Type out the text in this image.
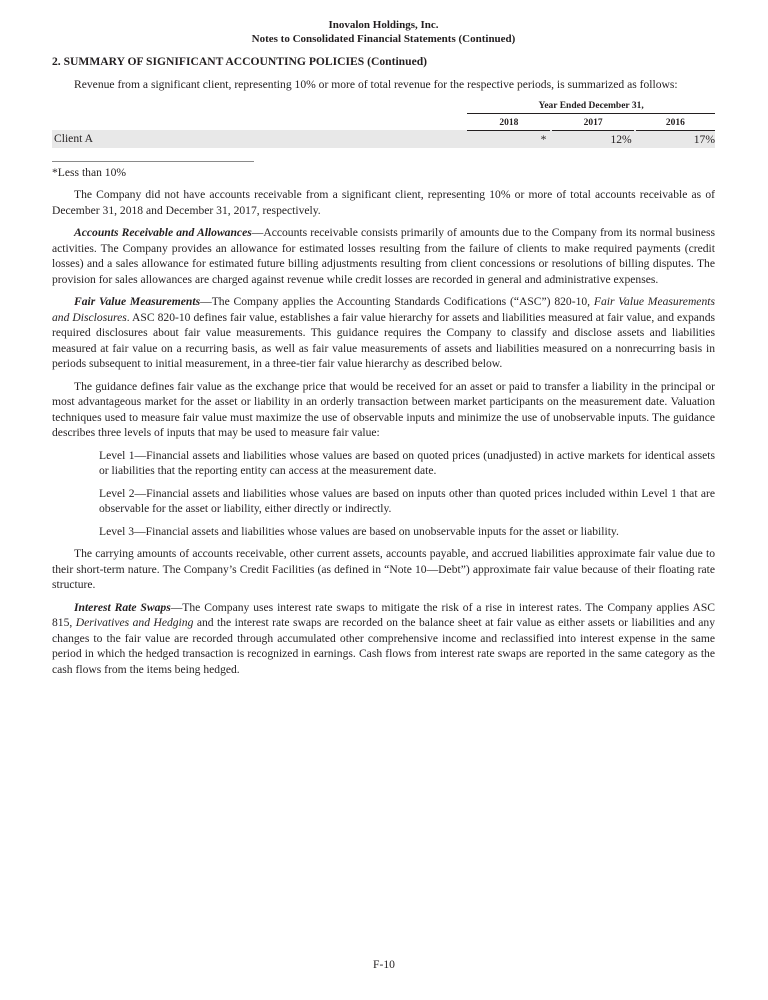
Inovalon Holdings, Inc.
Notes to Consolidated Financial Statements (Continued)
2. SUMMARY OF SIGNIFICANT ACCOUNTING POLICIES (Continued)

Revenue from a significant client, representing 10% or more of total revenue for the respective periods, is summarized as follows:

	Year Ended December 31,				

	2018		2017		2016
Client A	*		12%		17%
*Less than 10%

The Company did not have accounts receivable from a significant client, representing 10% or more of total accounts receivable as of December 31, 2018 and December 31, 2017, respectively.

Accounts Receivable and Allowances—Accounts receivable consists primarily of amounts due to the Company from its normal business activities. The Company provides an allowance for estimated losses resulting from the failure of clients to make required payments (credit losses) and a sales allowance for estimated future billing adjustments resulting from client concessions or resolutions of billing disputes. The provision for sales allowances are charged against revenue while credit losses are recorded in general and administrative expenses.

Fair Value Measurements—The Company applies the Accounting Standards Codifications (“ASC”) 820-10, Fair Value Measurements and Disclosures. ASC 820-10 defines fair value, establishes a fair value hierarchy for assets and liabilities measured at fair value, and expands required disclosures about fair value measurements. This guidance requires the Company to classify and disclose assets and liabilities measured at fair value on a recurring basis, as well as fair value measurements of assets and liabilities measured on a nonrecurring basis in periods subsequent to initial measurement, in a three-tier fair value hierarchy as described below.

The guidance defines fair value as the exchange price that would be received for an asset or paid to transfer a liability in the principal or most advantageous market for the asset or liability in an orderly transaction between market participants on the measurement date. Valuation techniques used to measure fair value must maximize the use of observable inputs and minimize the use of unobservable inputs. The guidance describes three levels of inputs that may be used to measure fair value:

Level 1—Financial assets and liabilities whose values are based on quoted prices (unadjusted) in active markets for identical assets or liabilities that the reporting entity can access at the measurement date.

Level 2—Financial assets and liabilities whose values are based on inputs other than quoted prices included within Level 1 that are observable for the asset or liability, either directly or indirectly.

Level 3—Financial assets and liabilities whose values are based on unobservable inputs for the asset or liability.

The carrying amounts of accounts receivable, other current assets, accounts payable, and accrued liabilities approximate fair value due to their short-term nature. The Company’s Credit Facilities (as defined in “Note 10—Debt”) approximate fair value because of their floating rate structure.

Interest Rate Swaps—The Company uses interest rate swaps to mitigate the risk of a rise in interest rates. The Company applies ASC 815, Derivatives and Hedging and the interest rate swaps are recorded on the balance sheet at fair value as either assets or liabilities and any changes to the fair value are recorded through accumulated other comprehensive income and reclassified into interest expense in the same period in which the hedged transaction is recognized in earnings. Cash flows from interest rate swaps are reported in the same category as the cash flows from the items being hedged.

F-10
